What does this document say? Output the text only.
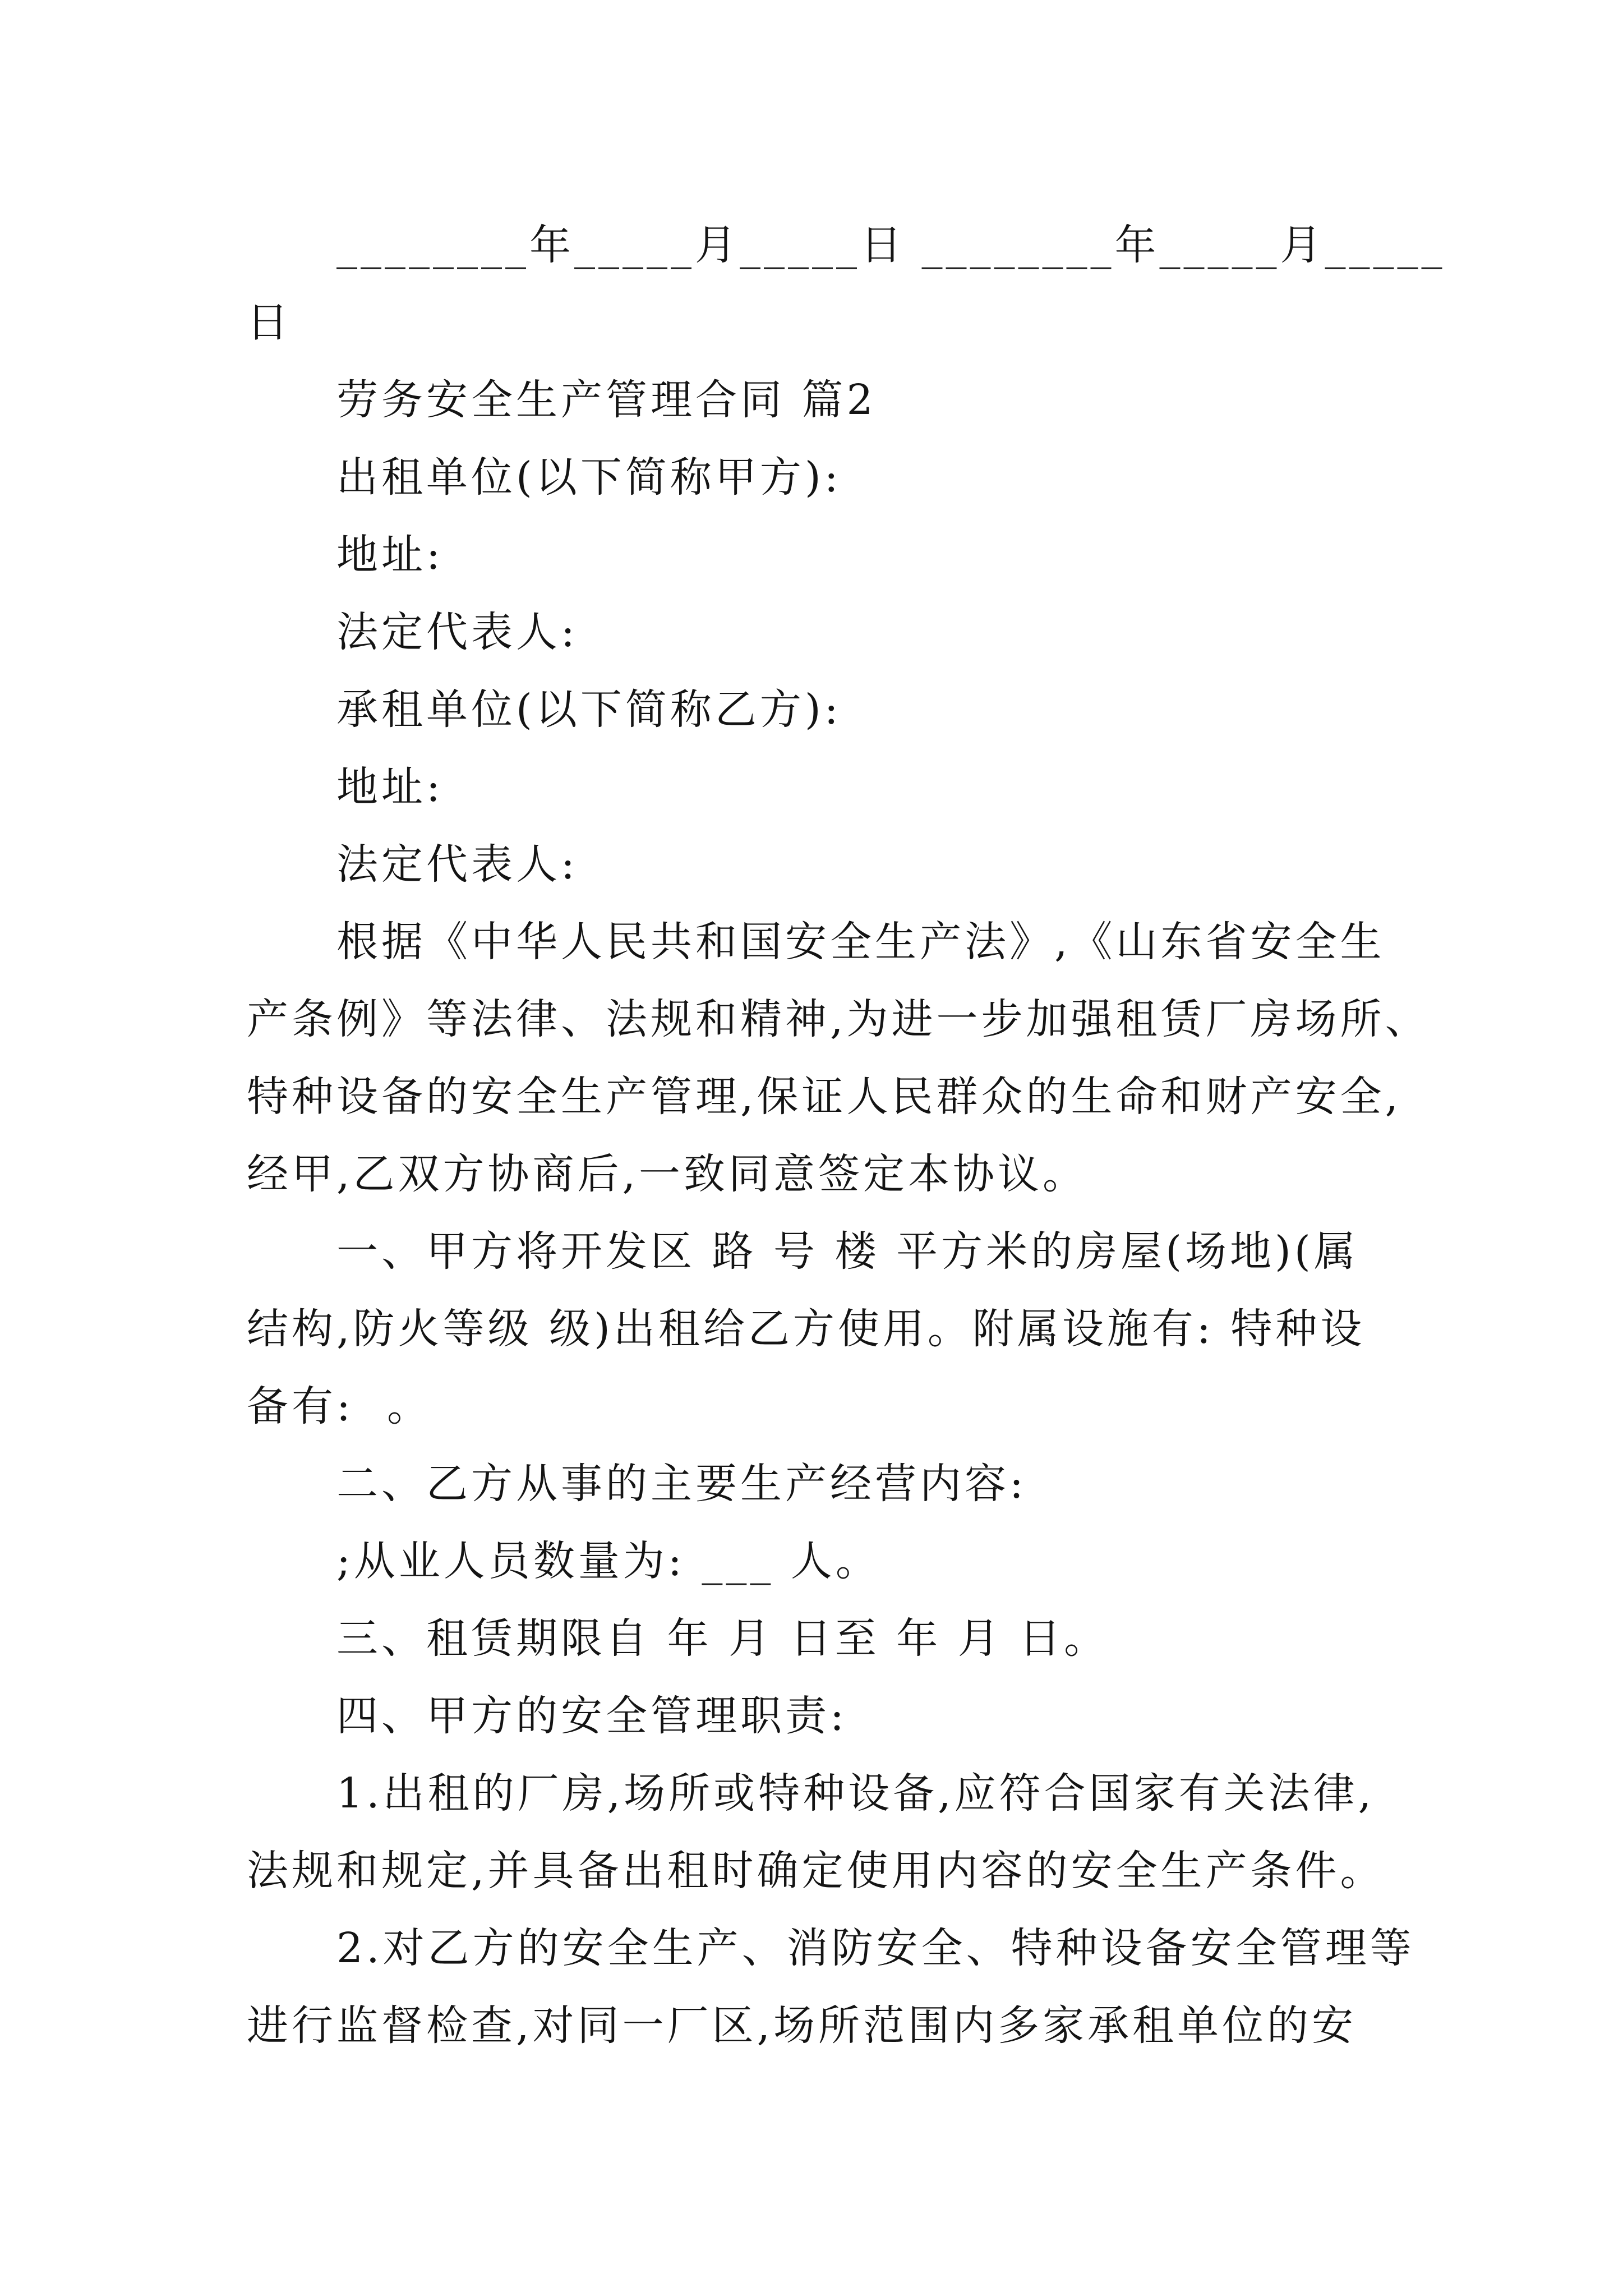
________年_____月_____日 ________年_____月_____
日
劳务安全生产管理合同 篇2
出租单位(以下简称甲方):
地址:
法定代表人:
承租单位(以下简称乙方):
地址:
法定代表人:
根据《中华人民共和国安全生产法》,《山东省安全生
产条例》等法律、法规和精神,为进一步加强租赁厂房场所、
特种设备的安全生产管理,保证人民群众的生命和财产安全,
经甲,乙双方协商后,一致同意签定本协议。
一、甲方将开发区 路 号 楼 平方米的房屋(场地)(属
结构,防火等级 级)出租给乙方使用。附属设施有: 特种设
备有:  。
二、乙方从事的主要生产经营内容:
;从业人员数量为: ___ 人。
三、租赁期限自 年 月 日至 年 月 日。
四、甲方的安全管理职责:
1.出租的厂房,场所或特种设备,应符合国家有关法律,
法规和规定,并具备出租时确定使用内容的安全生产条件。
2.对乙方的安全生产、消防安全、特种设备安全管理等
进行监督检查,对同一厂区,场所范围内多家承租单位的安
